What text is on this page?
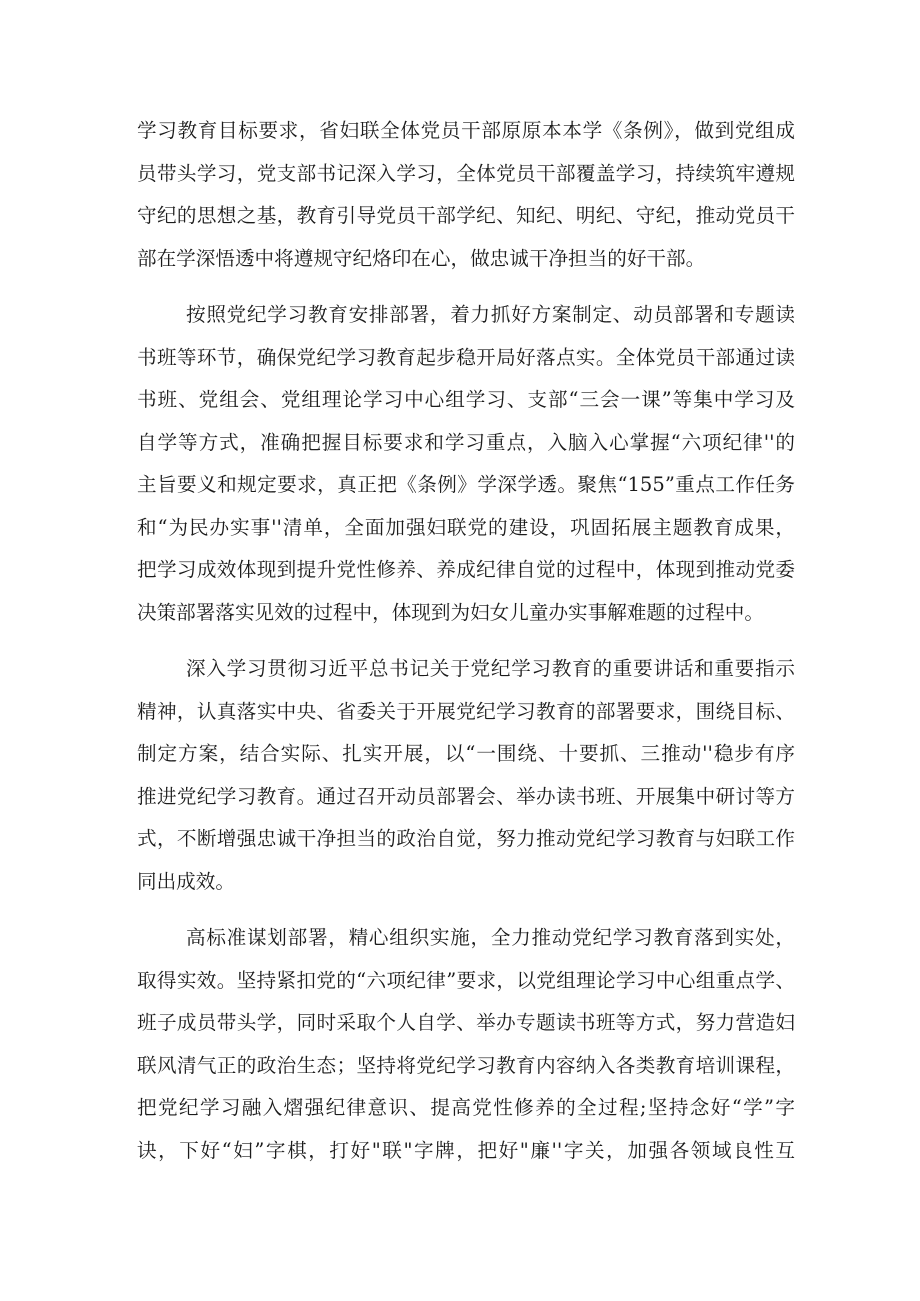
学习教育目标要求，省妇联全体党员干部原原本本学《条例》，做到党组成
员带头学习，党支部书记深入学习，全体党员干部覆盖学习，持续筑牢遵规
守纪的思想之基，教育引导党员干部学纪、知纪、明纪、守纪，推动党员干
部在学深悟透中将遵规守纪烙印在心，做忠诚干净担当的好干部。
按照党纪学习教育安排部署，着力抓好方案制定、动员部署和专题读
书班等环节，确保党纪学习教育起步稳开局好落点实。全体党员干部通过读
书班、党组会、党组理论学习中心组学习、支部“三会一课”等集中学习及
自学等方式，准确把握目标要求和学习重点，入脑入心掌握“六项纪律''的
主旨要义和规定要求，真正把《条例》学深学透。聚焦“155”重点工作任务
和“为民办实事''清单，全面加强妇联党的建设，巩固拓展主题教育成果，
把学习成效体现到提升党性修养、养成纪律自觉的过程中，体现到推动党委
决策部署落实见效的过程中，体现到为妇女儿童办实事解难题的过程中。
深入学习贯彻习近平总书记关于党纪学习教育的重要讲话和重要指示
精神，认真落实中央、省委关于开展党纪学习教育的部署要求，围绕目标、
制定方案，结合实际、扎实开展，以“一围绕、十要抓、三推动''稳步有序
推进党纪学习教育。通过召开动员部署会、举办读书班、开展集中研讨等方
式，不断增强忠诚干净担当的政治自觉，努力推动党纪学习教育与妇联工作
同出成效。
高标准谋划部署，精心组织实施，全力推动党纪学习教育落到实处，
取得实效。坚持紧扣党的“六项纪律”要求，以党组理论学习中心组重点学、
班子成员带头学，同时采取个人自学、举办专题读书班等方式，努力营造妇
联风清气正的政治生态；坚持将党纪学习教育内容纳入各类教育培训课程，
把党纪学习融入熠强纪律意识、提高党性修养的全过程;坚持念好“学”字
诀，下好“妇”字棋，打好"联"字牌，把好"廉''字关，加强各领域良性互
